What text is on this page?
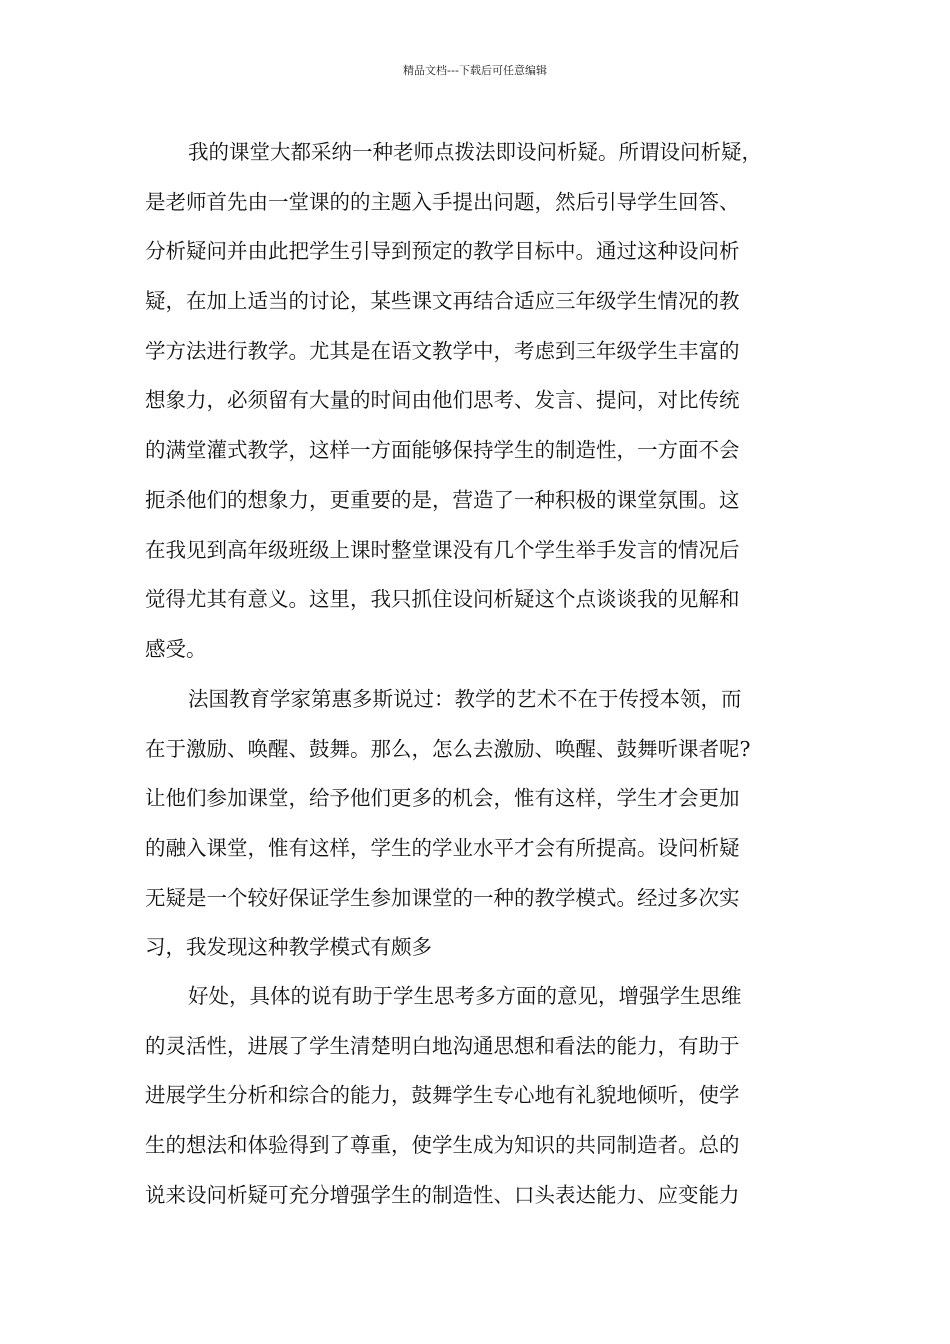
精品文档---下载后可任意编辑
我的课堂大都采纳一种老师点拨法即设问析疑。所谓设问析疑，
是老师首先由一堂课的的主题入手提出问题，然后引导学生回答、
分析疑问并由此把学生引导到预定的教学目标中。通过这种设问析
疑，在加上适当的讨论，某些课文再结合适应三年级学生情况的教
学方法进行教学。尤其是在语文教学中，考虑到三年级学生丰富的
想象力，必须留有大量的时间由他们思考、发言、提问，对比传统
的满堂灌式教学，这样一方面能够保持学生的制造性，一方面不会
扼杀他们的想象力，更重要的是，营造了一种积极的课堂氛围。这
在我见到高年级班级上课时整堂课没有几个学生举手发言的情况后
觉得尤其有意义。这里，我只抓住设问析疑这个点谈谈我的见解和
感受。
法国教育学家第惠多斯说过：教学的艺术不在于传授本领，而
在于激励、唤醒、鼓舞。那么，怎么去激励、唤醒、鼓舞听课者呢?
让他们参加课堂，给予他们更多的机会，惟有这样，学生才会更加
的融入课堂，惟有这样，学生的学业水平才会有所提高。设问析疑
无疑是一个较好保证学生参加课堂的一种的教学模式。经过多次实
习，我发现这种教学模式有颇多
好处，具体的说有助于学生思考多方面的意见，增强学生思维
的灵活性，进展了学生清楚明白地沟通思想和看法的能力，有助于
进展学生分析和综合的能力，鼓舞学生专心地有礼貌地倾听，使学
生的想法和体验得到了尊重，使学生成为知识的共同制造者。总的
说来设问析疑可充分增强学生的制造性、口头表达能力、应变能力
